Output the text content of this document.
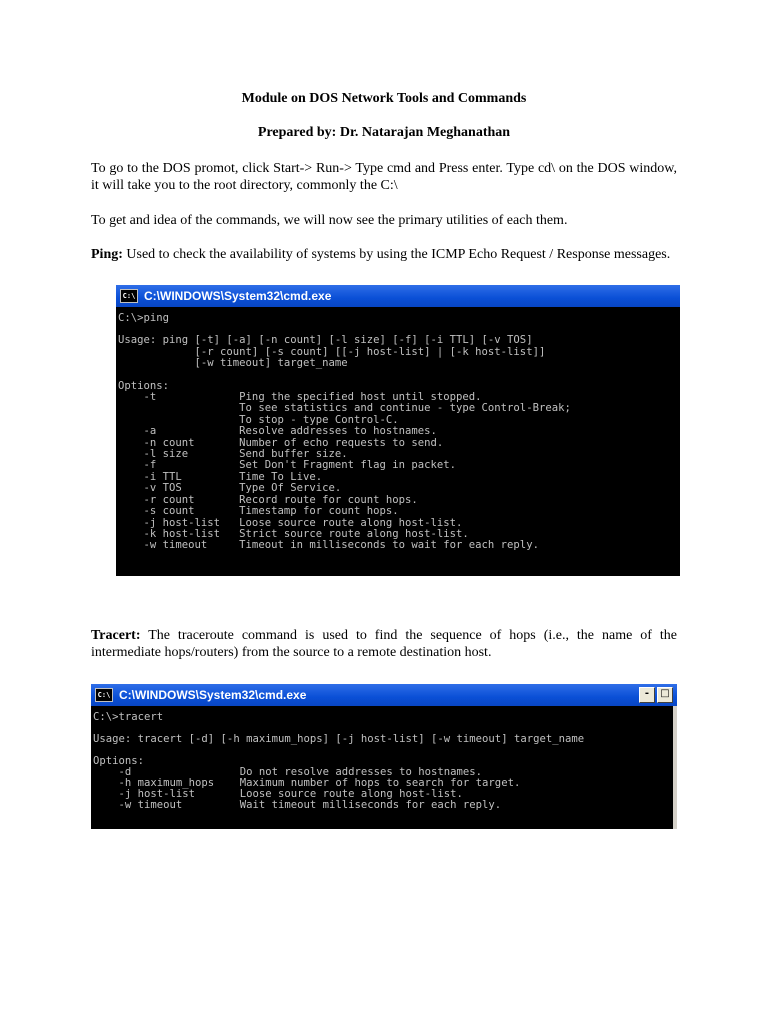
Module on DOS Network Tools and Commands
Prepared by: Dr. Natarajan Meghanathan
To go to the DOS promot, click Start-> Run-> Type cmd and Press enter. Type cd\ on the DOS window, it will take you to the root directory, commonly the C:\
To get and idea of the commands, we will now see the primary utilities of each them.
Ping: Used to check the availability of systems by using the ICMP Echo Request / Response messages.
C:\ C:\WINDOWS\System32\cmd.exe
C:\>ping
Usage: ping [-t] [-a] [-n count] [-l size] [-f] [-i TTL] [-v TOS]
[-r count] [-s count] [[-j host-list] | [-k host-list]]
[-w timeout] target_name
Options:
-t             Ping the specified host until stopped.
To see statistics and continue - type Control-Break;
To stop - type Control-C.
-a             Resolve addresses to hostnames.
-n count       Number of echo requests to send.
-l size        Send buffer size.
-f             Set Don't Fragment flag in packet.
-i TTL         Time To Live.
-v TOS         Type Of Service.
-r count       Record route for count hops.
-s count       Timestamp for count hops.
-j host-list   Loose source route along host-list.
-k host-list   Strict source route along host-list.
-w timeout     Timeout in milliseconds to wait for each reply.
Tracert: The traceroute command is used to find the sequence of hops (i.e., the name of the intermediate hops/routers) from the source to a remote destination host.
C:\ C:\WINDOWS\System32\cmd.exe	-	□
C:\>tracert
Usage: tracert [-d] [-h maximum_hops] [-j host-list] [-w timeout] target_name
Options:
-d                 Do not resolve addresses to hostnames.
-h maximum_hops    Maximum number of hops to search for target.
-j host-list       Loose source route along host-list.
-w timeout         Wait timeout milliseconds for each reply.
